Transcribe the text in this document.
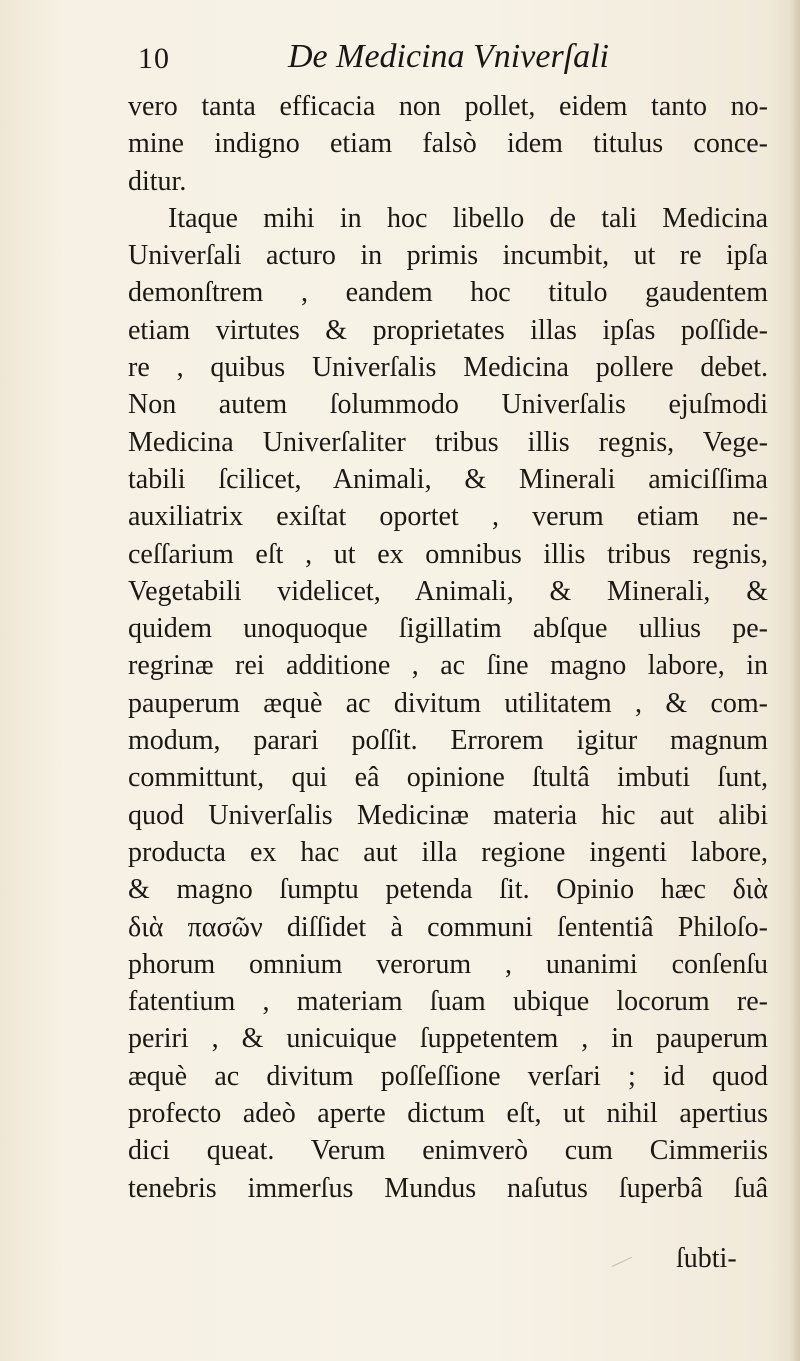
10	De Medicina Vniverſali
vero tanta efficacia non pollet, eidem tanto no-
mine indigno etiam falsò idem titulus conce-
ditur.
Itaque mihi in hoc libello de tali Medicina
Univerſali acturo in primis incumbit, ut re ipſa
demonſtrem , eandem hoc titulo gaudentem
etiam virtutes & proprietates illas ipſas poſſide-
re , quibus Univerſalis Medicina pollere debet.
Non autem ſolummodo Univerſalis ejuſmodi
Medicina Univerſaliter tribus illis regnis, Vege-
tabili ſcilicet, Animali, & Minerali amiciſſima
auxiliatrix exiſtat oportet , verum etiam ne-
ceſſarium eſt , ut ex omnibus illis tribus regnis,
Vegetabili videlicet, Animali, & Minerali, &
quidem unoquoque ſigillatim abſque ullius pe-
regrinæ rei additione , ac ſine magno labore, in
pauperum æquè ac divitum utilitatem , & com-
modum, parari poſſit. Errorem igitur magnum
committunt, qui eâ opinione ſtultâ imbuti ſunt,
quod Univerſalis Medicinæ materia hic aut alibi
producta ex hac aut illa regione ingenti labore,
& magno ſumptu petenda ſit. Opinio hæc διὰ
διὰ πασῶν diſſidet à communi ſententiâ Philoſo-
phorum omnium verorum , unanimi conſenſu
fatentium , materiam ſuam ubique locorum re-
periri , & unicuique ſuppetentem , in pauperum
æquè ac divitum poſſeſſione verſari ; id quod
profecto adeò aperte dictum eſt, ut nihil apertius
dici queat. Verum enimverò cum Cimmeriis
tenebris immerſus Mundus naſutus ſuperbâ ſuâ
ſubti-
